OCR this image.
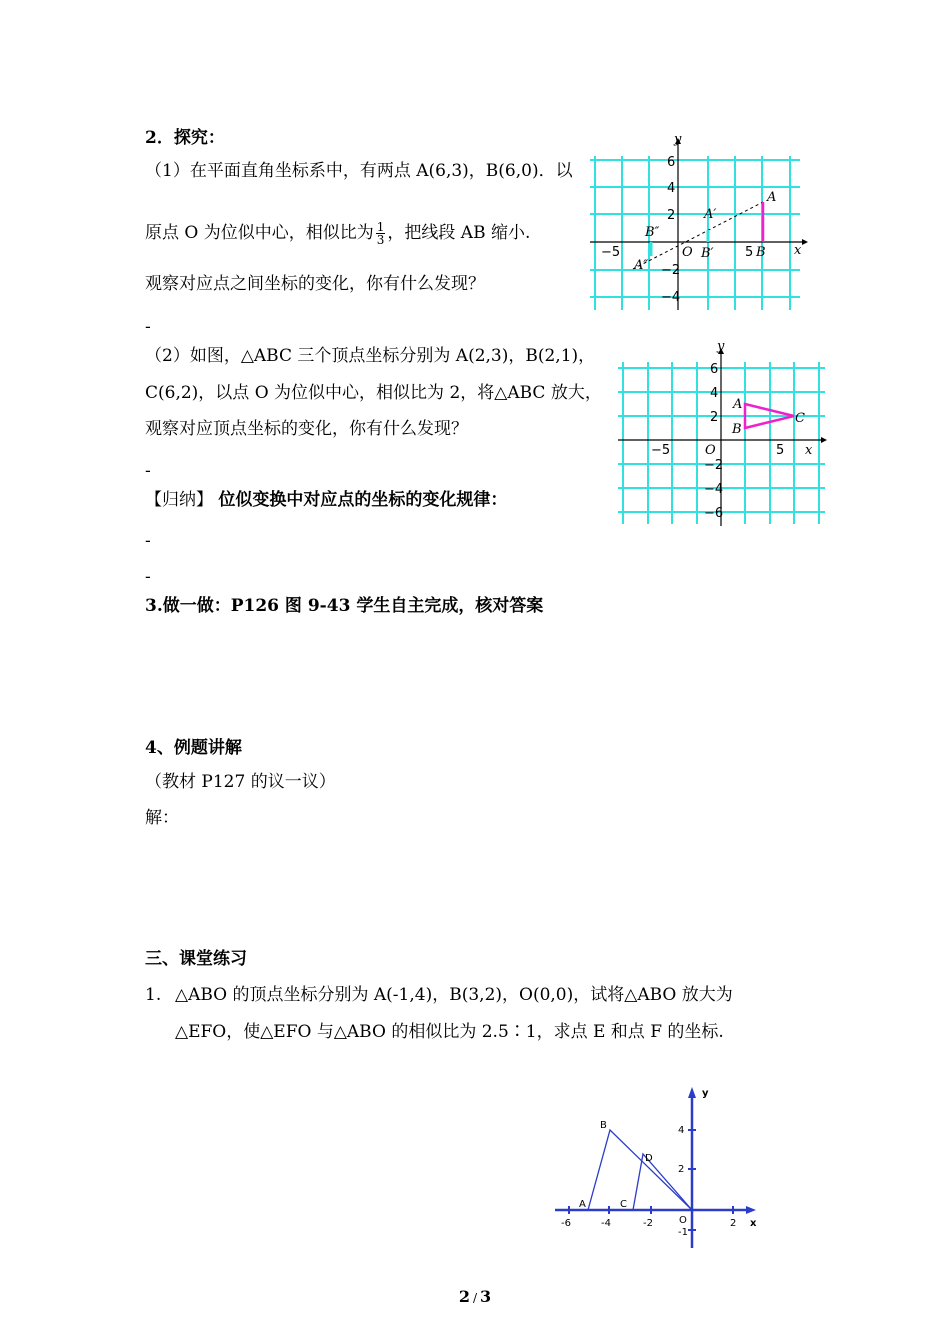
2．探究：
（1）在平面直角坐标系中，有两点 A(6,3)，B(6,0)．以
原点 O 为位似中心，相似比为 $\frac{1}{3}$ ，把线段 AB 缩小.
观察对应点之间坐标的变化，你有什么发现？
-
（2）如图，△ABC 三个顶点坐标分别为 A(2,3)，B(2,1)，
C(6,2)，以点 O 为位似中心，相似比为 2，将△ABC 放大，
观察对应顶点坐标的变化，你有什么发现？
-
【归纳】 位似变换中对应点的坐标的变化规律：
-
-
3.做一做：P126 图 9-43 学生自主完成，核对答案
4、例题讲解
（教材 P127 的议一议）
解：
三、课堂练习
1. △ABO 的顶点坐标分别为 A(-1,4)，B(3,2)，O(0,0)，试将△ABO 放大为
△EFO，使△EFO 与△ABO 的相似比为 2.5∶1，求点 E 和点 F 的坐标.
y
x
6
4
2
−2
−4
−5	5
O
A
B
A′
B′
A″
B″
y
x
6
4
2
−2
−4
−6
−5	5
O
A
B
C
y
x
4
2
-1
-6	-4	-2	2
O
A
B
C
D
2 / 3
